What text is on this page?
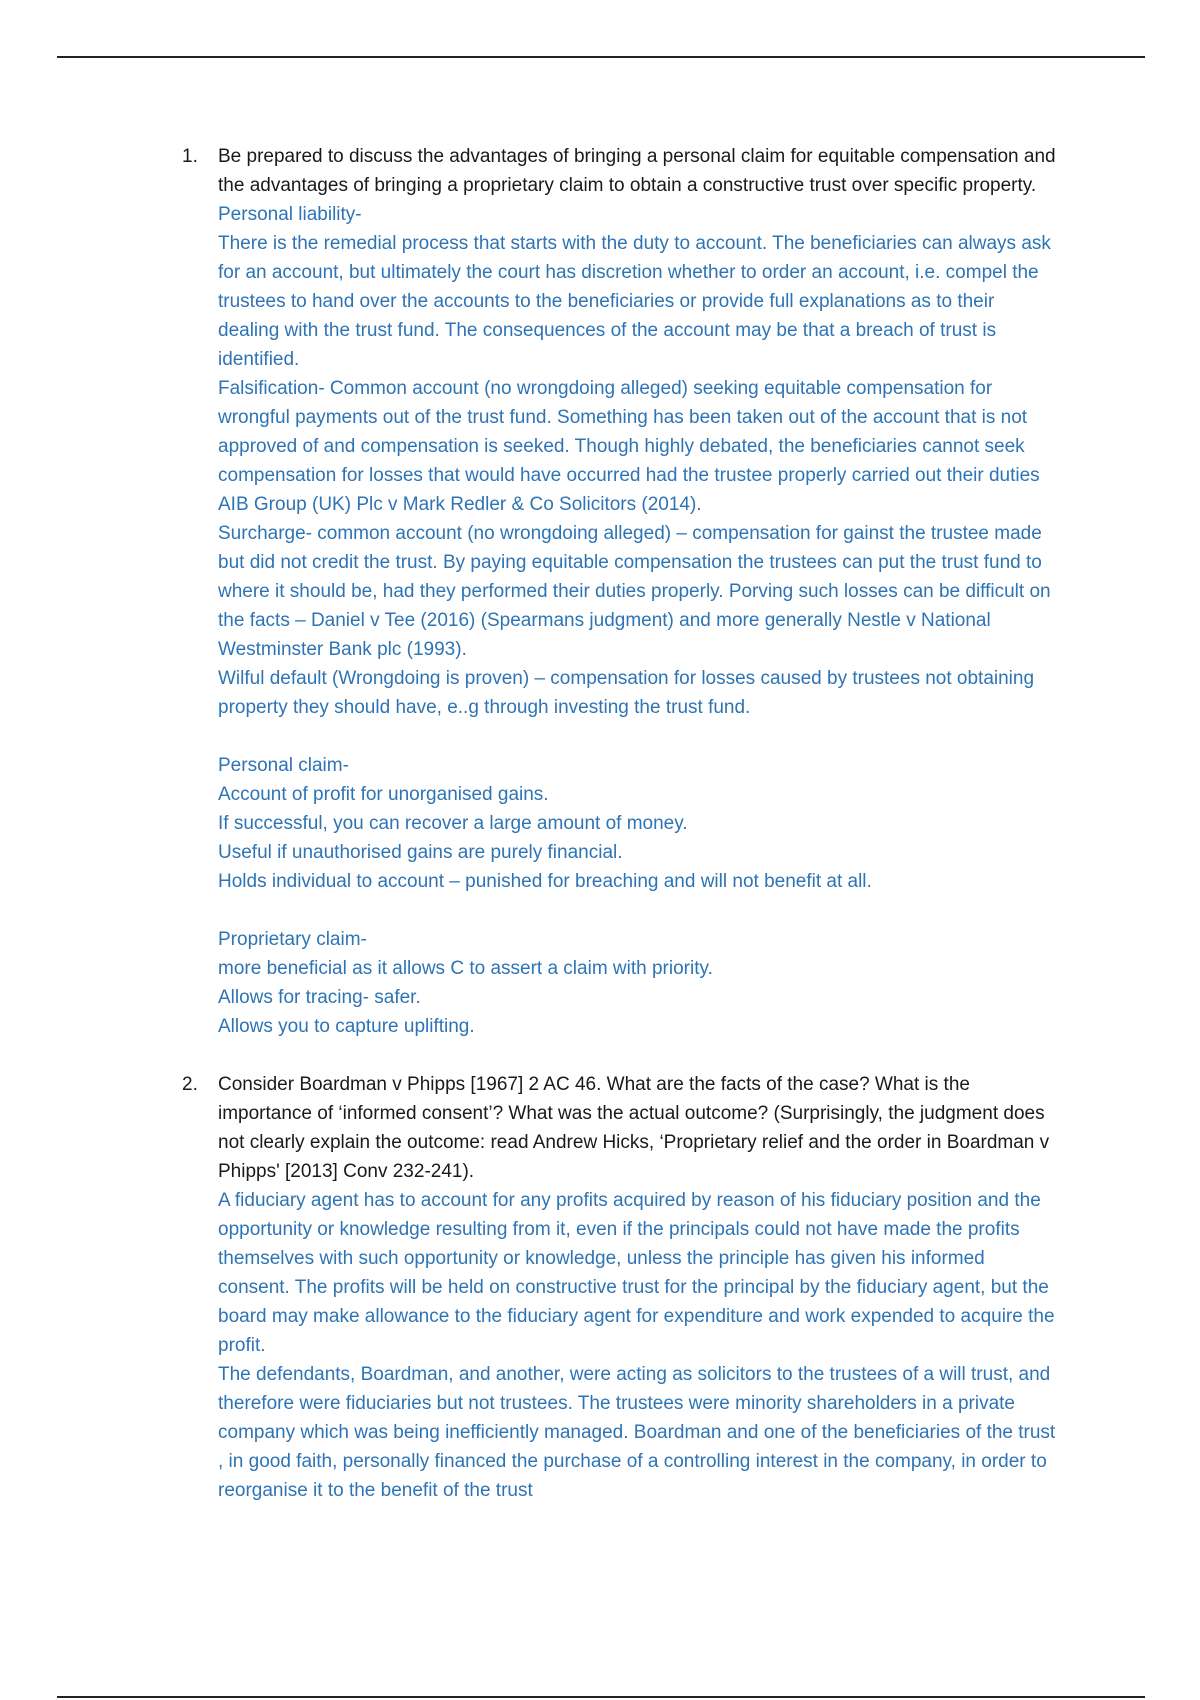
1. Be prepared to discuss the advantages of bringing a personal claim for equitable compensation and the advantages of bringing a proprietary claim to obtain a constructive trust over specific property.

Personal liability-

There is the remedial process that starts with the duty to account. The beneficiaries can always ask for an account, but ultimately the court has discretion whether to order an account, i.e. compel the trustees to hand over the accounts to the beneficiaries or provide full explanations as to their dealing with the trust fund. The consequences of the account may be that a breach of trust is identified.

Falsification- Common account (no wrongdoing alleged) seeking equitable compensation for wrongful payments out of the trust fund. Something has been taken out of the account that is not approved of and compensation is seeked. Though highly debated, the beneficiaries cannot seek compensation for losses that would have occurred had the trustee properly carried out their duties AIB Group (UK) Plc v Mark Redler & Co Solicitors (2014).

Surcharge- common account (no wrongdoing alleged) – compensation for gainst the trustee made but did not credit the trust. By paying equitable compensation the trustees can put the trust fund to where it should be, had they performed their duties properly. Porving such losses can be difficult on the facts – Daniel v Tee (2016) (Spearmans judgment) and more generally Nestle v National Westminster Bank plc (1993).

Wilful default (Wrongdoing is proven) – compensation for losses caused by trustees not obtaining property they should have, e..g through investing the trust fund.

Personal claim-

Account of profit for unorganised gains.

If successful, you can recover a large amount of money.

Useful if unauthorised gains are purely financial.

Holds individual to account – punished for breaching and will not benefit at all.

Proprietary claim-

more beneficial as it allows C to assert a claim with priority.

Allows for tracing- safer.

Allows you to capture uplifting.

2. Consider Boardman v Phipps [1967] 2 AC 46. What are the facts of the case? What is the importance of ‘informed consent’? What was the actual outcome? (Surprisingly, the judgment does not clearly explain the outcome: read Andrew Hicks, ‘Proprietary relief and the order in Boardman v Phipps' [2013] Conv 232-241).

A fiduciary agent has to account for any profits acquired by reason of his fiduciary position and the opportunity or knowledge resulting from it, even if the principals could not have made the profits themselves with such opportunity or knowledge, unless the principle has given his informed consent. The profits will be held on constructive trust for the principal by the fiduciary agent, but the board may make allowance to the fiduciary agent for expenditure and work expended to acquire the profit.

The defendants, Boardman, and another, were acting as solicitors to the trustees of a will trust, and therefore were fiduciaries but not trustees. The trustees were minority shareholders in a private company which was being inefficiently managed. Boardman and one of the beneficiaries of the trust , in good faith, personally financed the purchase of a controlling interest in the company, in order to reorganise it to the benefit of the trust
